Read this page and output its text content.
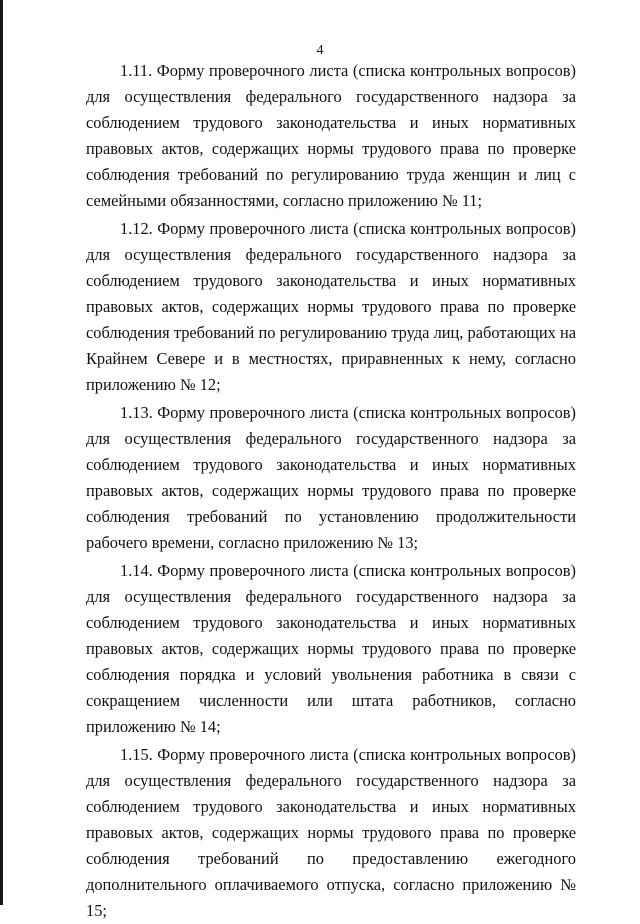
4

1.11. Форму проверочного листа (списка контрольных вопросов) для осуществления федерального государственного надзора за соблюдением трудового законодательства и иных нормативных правовых актов, содержащих нормы трудового права по проверке соблюдения требований по регулированию труда женщин и лиц с семейными обязанностями, согласно приложению № 11;

1.12. Форму проверочного листа (списка контрольных вопросов) для осуществления федерального государственного надзора за соблюдением трудового законодательства и иных нормативных правовых актов, содержащих нормы трудового права по проверке соблюдения требований по регулированию труда лиц, работающих на Крайнем Севере и в местностях, приравненных к нему, согласно приложению № 12;

1.13. Форму проверочного листа (списка контрольных вопросов) для осуществления федерального государственного надзора за соблюдением трудового законодательства и иных нормативных правовых актов, содержащих нормы трудового права по проверке соблюдения требований по установлению продолжительности рабочего времени, согласно приложению № 13;

1.14. Форму проверочного листа (списка контрольных вопросов) для осуществления федерального государственного надзора за соблюдением трудового законодательства и иных нормативных правовых актов, содержащих нормы трудового права по проверке соблюдения порядка и условий увольнения работника в связи с сокращением численности или штата работников, согласно приложению № 14;

1.15. Форму проверочного листа (списка контрольных вопросов) для осуществления федерального государственного надзора за соблюдением трудового законодательства и иных нормативных правовых актов, содержащих нормы трудового права по проверке соблюдения требований по предоставлению ежегодного дополнительного оплачиваемого отпуска, согласно приложению № 15;
